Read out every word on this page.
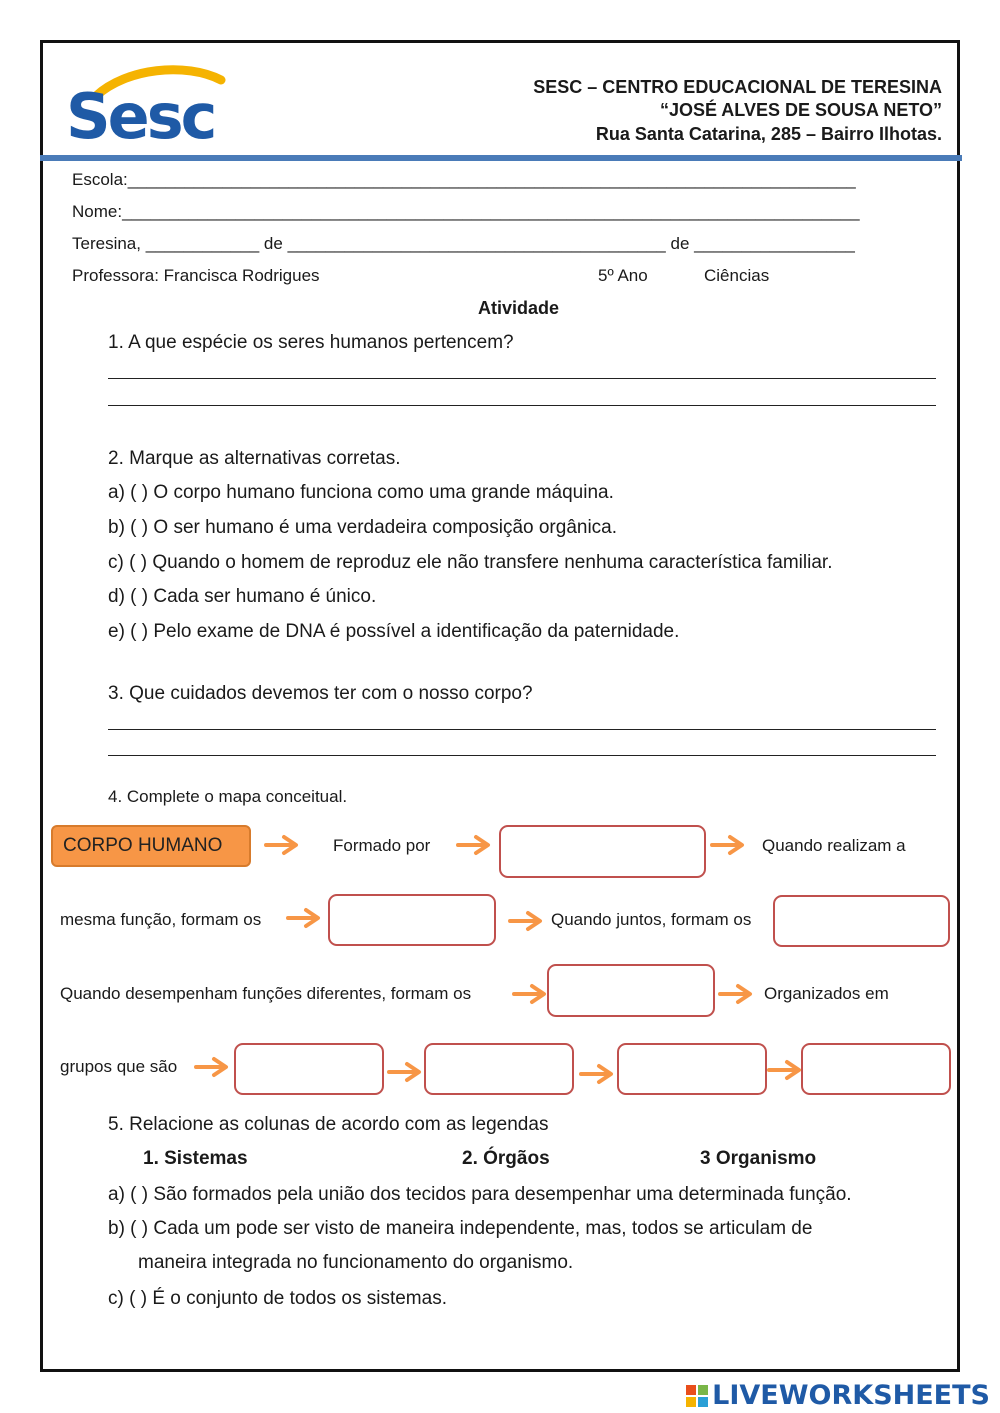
Sesc	SESC – CENTRO EDUCACIONAL DE TERESINA
“JOSÉ ALVES DE SOUSA NETO”
Rua Santa Catarina, 285 – Bairro Ilhotas.
Escola:_____________________________________________________________________________
Nome:______________________________________________________________________________
Teresina, ____________ de ________________________________________ de _________________
Professora: Francisca Rodrigues	5º Ano	Ciências
Atividade
1. A que espécie os seres humanos pertencem?
2. Marque as alternativas corretas.
a) ( ) O corpo humano funciona como uma grande máquina.
b) ( ) O ser humano é uma verdadeira composição orgânica.
c) ( ) Quando o homem de reproduz ele não transfere nenhuma característica familiar.
d) ( ) Cada ser humano é único.
e) ( ) Pelo exame de DNA é possível a identificação da paternidade.
3. Que cuidados devemos ter com o nosso corpo?
4. Complete o mapa conceitual.
CORPO HUMANO	Formado por	Quando realizam a
mesma função, formam os	Quando juntos, formam os
Quando desempenham funções diferentes, formam os	Organizados em
grupos que são
5. Relacione as colunas de acordo com as legendas
1. Sistemas	2. Órgãos	3 Organismo
a) ( ) São formados pela união dos tecidos para desempenhar uma determinada função.
b) ( ) Cada um pode ser visto de maneira independente, mas, todos se articulam de
maneira integrada no funcionamento do organismo.
c) ( ) É o conjunto de todos os sistemas.
LIVEWORKSHEETS
